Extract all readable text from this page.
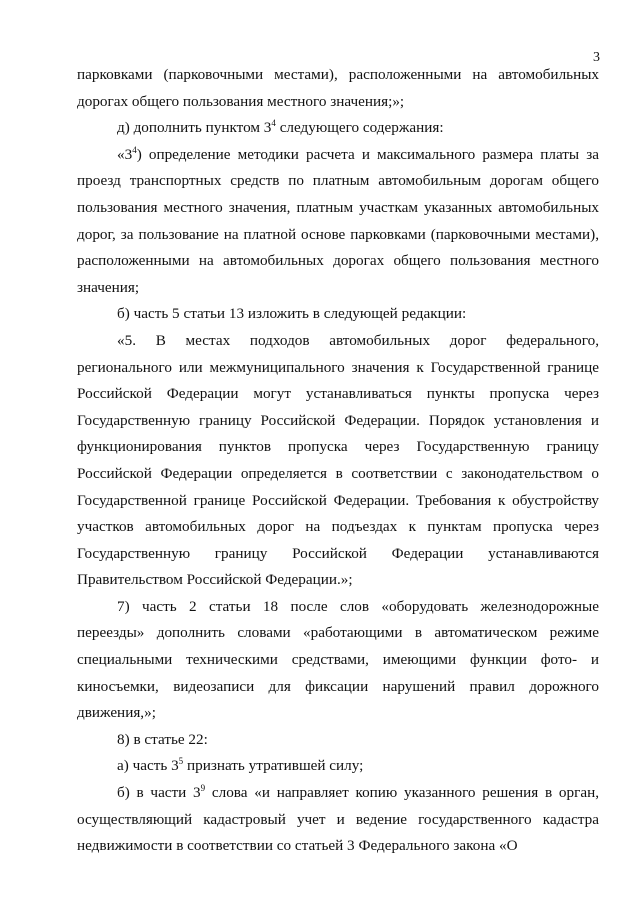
3

парковками (парковочными местами), расположенными на автомобильных дорогах общего пользования местного значения;»;

д) дополнить пунктом $3^4$ следующего содержания:

«$3^4$) определение методики расчета и максимального размера платы за проезд транспортных средств по платным автомобильным дорогам общего пользования местного значения, платным участкам указанных автомобильных дорог, за пользование на платной основе парковками (парковочными местами), расположенными на автомобильных дорогах общего пользования местного значения;

б) часть 5 статьи 13 изложить в следующей редакции:

«5. В местах подходов автомобильных дорог федерального, регионального или межмуниципального значения к Государственной границе Российской Федерации могут устанавливаться пункты пропуска через Государственную границу Российской Федерации. Порядок установления и функционирования пунктов пропуска через Государственную границу Российской Федерации определяется в соответствии с законодательством о Государственной границе Российской Федерации. Требования к обустройству участков автомобильных дорог на подъездах к пунктам пропуска через Государственную границу Российской Федерации устанавливаются Правительством Российской Федерации.»;

7) часть 2 статьи 18 после слов «оборудовать железнодорожные переезды» дополнить словами «работающими в автоматическом режиме специальными техническими средствами, имеющими функции фото- и киносъемки, видеозаписи для фиксации нарушений правил дорожного движения,»;

8) в статье 22:

а) часть $3^5$ признать утратившей силу;

б) в части $3^9$ слова «и направляет копию указанного решения в орган, осуществляющий кадастровый учет и ведение государственного кадастра недвижимости в соответствии со статьей 3 Федерального закона «О
